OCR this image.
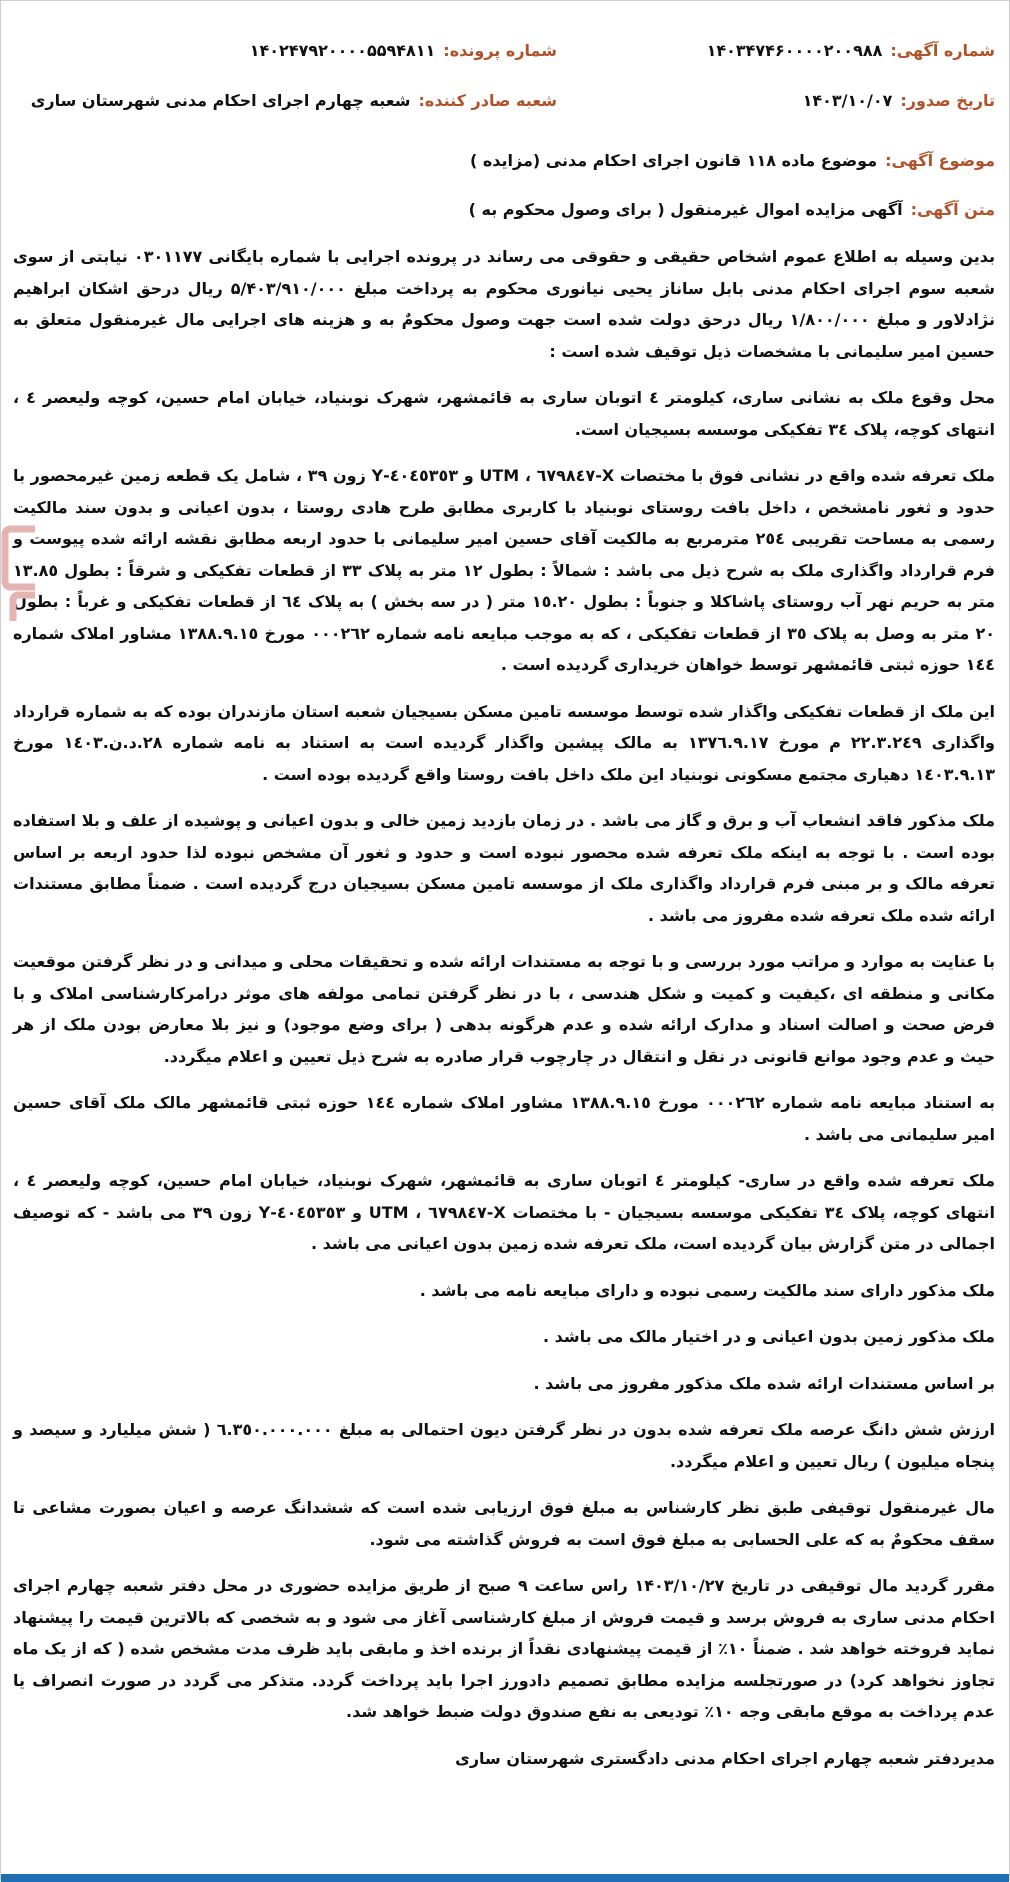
شماره آگهی:۱۴۰۳۴۷۴۶۰۰۰۰۲۰۰۹۸۸
شماره پرونده:۱۴۰۲۴۷۹۲۰۰۰۰۵۵۹۴۸۱۱
تاریخ صدور:۱۴۰۳/۱۰/۰۷
شعبه صادر کننده:شعبه چهارم اجرای احکام مدنی شهرستان ساری
موضوع آگهی:موضوع ماده ۱۱۸ قانون اجرای احکام مدنی (مزایده )
متن آگهی:آگهی مزایده اموال غیرمنقول ( برای وصول محکوم به )

بدین وسیله به اطلاع عموم اشخاص حقیقی و حقوقی می رساند در پرونده اجرایی با شماره بایگانی ۰۳۰۱۱۷۷ نیابتی از سوی شعبه سوم اجرای احکام مدنی بابل ساناز یحیی نیانوری محکوم به پرداخت مبلغ ۵/۴۰۳/۹۱۰/۰۰۰ ریال درحق اشکان ابراهیم نژادلاور و مبلغ ۱/۸۰۰/۰۰۰ ریال درحق دولت شده است جهت وصول محکومٌ به و هزینه های اجرایی مال غیرمنقول متعلق به حسین امیر سلیمانی با مشخصات ذیل توقیف شده است :

محل وقوع ملک به نشانی ساری، کیلومتر ٤ اتوبان ساری به قائمشهر، شهرک نوبنیاد، خیابان امام حسین، کوچه ولیعصر ٤ ، انتهای کوچه، پلاک ٣٤ تفکیکی موسسه بسیجیان است.

ملک تعرفه شده واقع در نشانی فوق با مختصات X-٦٧٩٨٤٧ ، UTM و ٤٠٤٥٣٥٣-Y زون ٣٩ ، شامل یک قطعه زمین غیرمحصور با حدود و ثغور نامشخص ، داخل بافت روستای نوبنیاد با کاربری مطابق طرح هادی روستا ، بدون اعیانی و بدون سند مالکیت رسمی به مساحت تقریبی ٢٥٤ مترمربع به مالکیت آقای حسین امیر سلیمانی با حدود اربعه مطابق نقشه ارائه شده پیوست و فرم قرارداد واگذاری ملک به شرح ذیل می باشد : شمالاً : بطول ١٢ متر به پلاک ٣٣ از قطعات تفکیکی و شرقاً : بطول ١٣.٨٥ متر به حریم نهر آب روستای پاشاکلا و جنوباً : بطول ١٥.٢٠ متر ( در سه بخش ) به پلاک ٦٤ از قطعات تفکیکی و غرباً : بطول ٢٠ متر به وصل به پلاک ٣٥ از قطعات تفکیکی ، که به موجب مبایعه نامه شماره ٠٠٠٢٦٢ مورخ ١٣٨٨.٩.١٥ مشاور املاک شماره ١٤٤ حوزه ثبتی قائمشهر توسط خواهان خریداری گردیده است .

این ملک از قطعات تفکیکی واگذار شده توسط موسسه تامین مسکن بسیجیان شعبه استان مازندران بوده که به شماره قرارداد واگذاری ٢٢.٣.٢٤٩ م مورخ ١٣٧٦.٩.١٧ به مالک پیشین واگذار گردیده است به استناد به نامه شماره ٢٨.د.ن.١٤٠٣ مورخ ١٤٠٣.٩.١٣ دهیاری مجتمع مسکونی نوبنیاد این ملک داخل بافت روستا واقع گردیده بوده است .

ملک مذکور فاقد انشعاب آب و برق و گاز می باشد . در زمان بازدید زمین خالی و بدون اعیانی و پوشیده از علف و بلا استفاده بوده است . با توجه به اینکه ملک تعرفه شده محصور نبوده است و حدود و ثغور آن مشخص نبوده لذا حدود اربعه بر اساس تعرفه مالک و بر مبنی فرم قرارداد واگذاری ملک از موسسه تامین مسکن بسیجیان درج گردیده است . ضمناً مطابق مستندات ارائه شده ملک تعرفه شده مفروز می باشد .

با عنایت به موارد و مراتب مورد بررسی و با توجه به مستندات ارائه شده و تحقیقات محلی و میدانی و در نظر گرفتن موقعیت مکانی و منطقه ای ،کیفیت و کمیت و شکل هندسی ، با در نظر گرفتن تمامی مولفه های موثر درامرکارشناسی املاک و با فرض صحت و اصالت اسناد و مدارک ارائه شده و عدم هرگونه بدهی ( برای وضع موجود) و نیز بلا معارض بودن ملک از هر حیث و عدم وجود موانع قانونی در نقل و انتقال در چارچوب قرار صادره به شرح ذیل تعیین و اعلام میگردد.

به استناد مبایعه نامه شماره ٠٠٠٢٦٢ مورخ ١٣٨٨.٩.١٥ مشاور املاک شماره ١٤٤ حوزه ثبتی قائمشهر مالک ملک آقای حسین امیر سلیمانی می باشد .

ملک تعرفه شده واقع در ساری- کیلومتر ٤ اتوبان ساری به قائمشهر، شهرک نوبنیاد، خیابان امام حسین، کوچه ولیعصر ٤ ، انتهای کوچه، پلاک ٣٤ تفکیکی موسسه بسیجیان - با مختصات X-٦٧٩٨٤٧ ، UTM و ٤٠٤٥٣٥٣-Y زون ٣٩ می باشد - که توصیف اجمالی در متن گزارش بیان گردیده است، ملک تعرفه شده زمین بدون اعیانی می باشد .

ملک مذکور دارای سند مالکیت رسمی نبوده و دارای مبایعه نامه می باشد .

ملک مذکور زمین بدون اعیانی و در اختیار مالک می باشد .

بر اساس مستندات ارائه شده ملک مذکور مفروز می باشد .

ارزش شش دانگ عرصه ملک تعرفه شده بدون در نظر گرفتن دیون احتمالی به مبلغ ٦.٣٥٠.٠٠٠.٠٠٠ ( شش میلیارد و سیصد و پنجاه میلیون ) ریال تعیین و اعلام میگردد.

مال غیرمنقول توقیفی طبق نظر کارشناس به مبلغ فوق ارزیابی شده است که ششدانگ عرصه و اعیان بصورت مشاعی تا سقف محکومٌ به که علی الحسابی به مبلغ فوق است به فروش گذاشته می شود.

مقرر گردید مال توقیفی در تاریخ ۱۴۰۳/۱۰/۲۷ راس ساعت ۹ صبح از طریق مزایده حضوری در محل دفتر شعبه چهارم اجرای احکام مدنی ساری به فروش برسد و قیمت فروش از مبلغ کارشناسی آغاز می شود و به شخصی که بالاترین قیمت را پیشنهاد نماید فروخته خواهد شد . ضمناً ۱۰٪ از قیمت پیشنهادی نقداً از برنده اخذ و مابقی باید ظرف مدت مشخص شده ( که از یک ماه تجاوز نخواهد کرد) در صورتجلسه مزایده مطابق تصمیم دادورز اجرا باید پرداخت گردد. متذکر می گردد در صورت انصراف یا عدم پرداخت به موقع مابقی وجه ۱۰٪ تودیعی به نفع صندوق دولت ضبط خواهد شد.

مدیردفتر شعبه چهارم اجرای احکام مدنی دادگستری شهرستان ساری
